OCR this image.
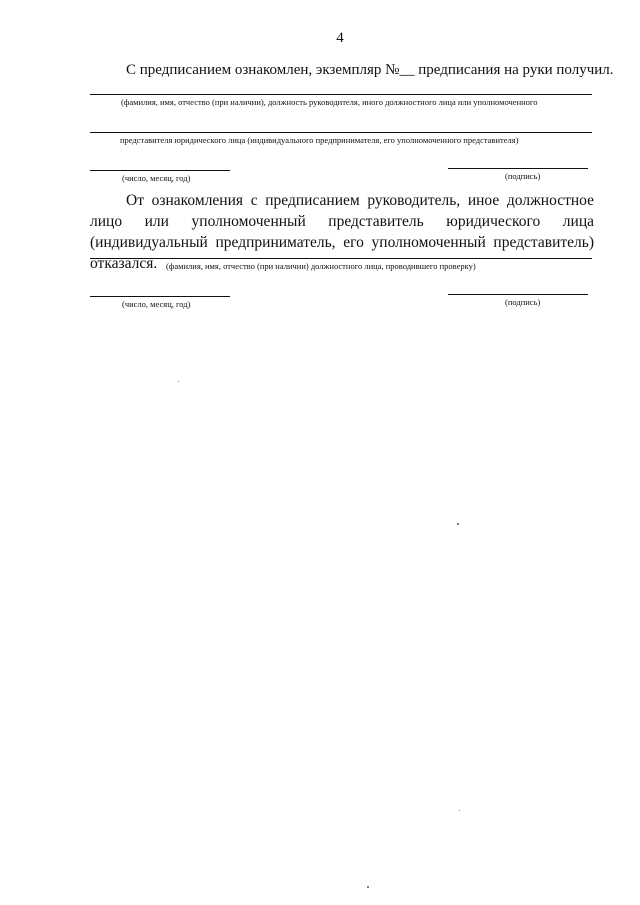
4
С предписанием ознакомлен, экземпляр №__ предписания на руки получил.
(фамилия, имя, отчество (при наличии), должность руководителя, иного должностного лица или уполномоченного
представителя юридического лица (индивидуального предпринимателя, его уполномоченного представителя)
(число, месяц, год)	(подпись)
От ознакомления с предписанием руководитель, иное должностное лицо или уполномоченный представитель юридического лица (индивидуальный предприниматель, его уполномоченный представитель) отказался.	(фамилия, имя, отчество (при наличии) должностного лица, проводившего проверку)
(число, месяц, год)	(подпись)
